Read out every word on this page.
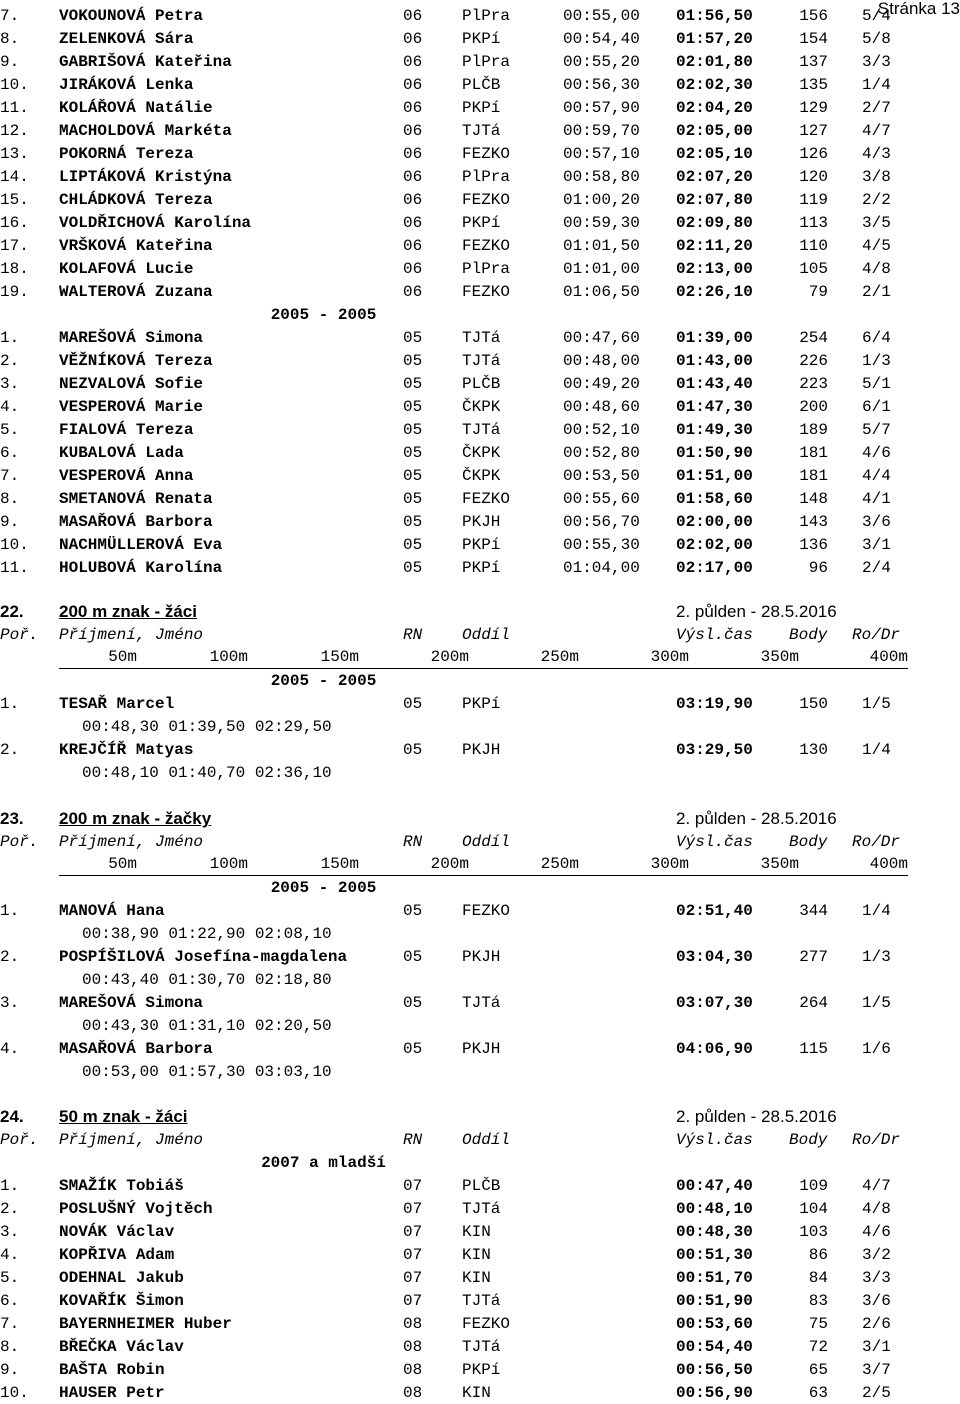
Stránka 13
7. VOKOUNOVÁ Petra	06 PlPra	00:55,00 01:56,50	156 5/4
8. ZELENKOVÁ Sára	06 PKPí	00:54,40 01:57,20	154 5/8
9. GABRIŠOVÁ Kateřina	06 PlPra	00:55,20 02:01,80	137 3/3
10. JIRÁKOVÁ Lenka	06 PLČB	00:56,30 02:02,30	135 1/4
11. KOLÁŘOVÁ Natálie	06 PKPí	00:57,90 02:04,20	129 2/7
12. MACHOLDOVÁ Markéta	06 TJTá	00:59,70 02:05,00	127 4/7
13. POKORNÁ Tereza	06 FEZKO	00:57,10 02:05,10	126 4/3
14. LIPTÁKOVÁ Kristýna	06 PlPra	00:58,80 02:07,20	120 3/8
15. CHLÁDKOVÁ Tereza	06 FEZKO	01:00,20 02:07,80	119 2/2
16. VOLDŘICHOVÁ Karolína	06 PKPí	00:59,30 02:09,80	113 3/5
17. VRŠKOVÁ Kateřina	06 FEZKO	01:01,50 02:11,20	110 4/5
18. KOLAFOVÁ Lucie	06 PlPra	01:01,00 02:13,00	105 4/8
19. WALTEROVÁ Zuzana	06 FEZKO	01:06,50 02:26,10	79 2/1
2005 - 2005
1. MAREŠOVÁ Simona	05 TJTá	00:47,60 01:39,00	254 6/4
2. VĚŽNÍKOVÁ Tereza	05 TJTá	00:48,00 01:43,00	226 1/3
3. NEZVALOVÁ Sofie	05 PLČB	00:49,20 01:43,40	223 5/1
4. VESPEROVÁ Marie	05 ČKPK	00:48,60 01:47,30	200 6/1
5. FIALOVÁ Tereza	05 TJTá	00:52,10 01:49,30	189 5/7
6. KUBALOVÁ Lada	05 ČKPK	00:52,80 01:50,90	181 4/6
7. VESPEROVÁ Anna	05 ČKPK	00:53,50 01:51,00	181 4/4
8. SMETANOVÁ Renata	05 FEZKO	00:55,60 01:58,60	148 4/1
9. MASAŘOVÁ Barbora	05 PKJH	00:56,70 02:00,00	143 3/6
10. NACHMÜLLEROVÁ Eva	05 PKPí	00:55,30 02:02,00	136 3/1
11. HOLUBOVÁ Karolína	05 PKPí	01:04,00 02:17,00	96 2/4
22. 200 m znak - žáci	2. půlden - 28.5.2016
Poř. Příjmení, Jméno	RN Oddíl	Výsl.čas Body Ro/Dr
50m	100m	150m	200m	250m	300m	350m	400m
2005 - 2005
1. TESAŘ Marcel	05 PKPí	03:19,90	150 1/5
00:48,30 01:39,50 02:29,50
2. KREJČÍŘ Matyas	05 PKJH	03:29,50	130 1/4
00:48,10 01:40,70 02:36,10
23. 200 m znak - žačky	2. půlden - 28.5.2016
Poř. Příjmení, Jméno	RN Oddíl	Výsl.čas Body Ro/Dr
50m	100m	150m	200m	250m	300m	350m	400m
2005 - 2005
1. MANOVÁ Hana	05 FEZKO	02:51,40	344 1/4
00:38,90 01:22,90 02:08,10
2. POSPÍŠILOVÁ Josefína-magdalena	05 PKJH	03:04,30	277 1/3
00:43,40 01:30,70 02:18,80
3. MAREŠOVÁ Simona	05 TJTá	03:07,30	264 1/5
00:43,30 01:31,10 02:20,50
4. MASAŘOVÁ Barbora	05 PKJH	04:06,90	115 1/6
00:53,00 01:57,30 03:03,10
24. 50 m znak - žáci	2. půlden - 28.5.2016
Poř. Příjmení, Jméno	RN Oddíl	Výsl.čas Body Ro/Dr
2007 a mladší
1. SMAŽÍK Tobiáš	07 PLČB	00:47,40	109 4/7
2. POSLUŠNÝ Vojtěch	07 TJTá	00:48,10	104 4/8
3. NOVÁK Václav	07 KIN	00:48,30	103 4/6
4. KOPŘIVA Adam	07 KIN	00:51,30	86 3/2
5. ODEHNAL Jakub	07 KIN	00:51,70	84 3/3
6. KOVAŘÍK Šimon	07 TJTá	00:51,90	83 3/6
7. BAYERNHEIMER Huber	08 FEZKO	00:53,60	75 2/6
8. BŘEČKA Václav	08 TJTá	00:54,40	72 3/1
9. BAŠTA Robin	08 PKPí	00:56,50	65 3/7
10. HAUSER Petr	08 KIN	00:56,90	63 2/5
